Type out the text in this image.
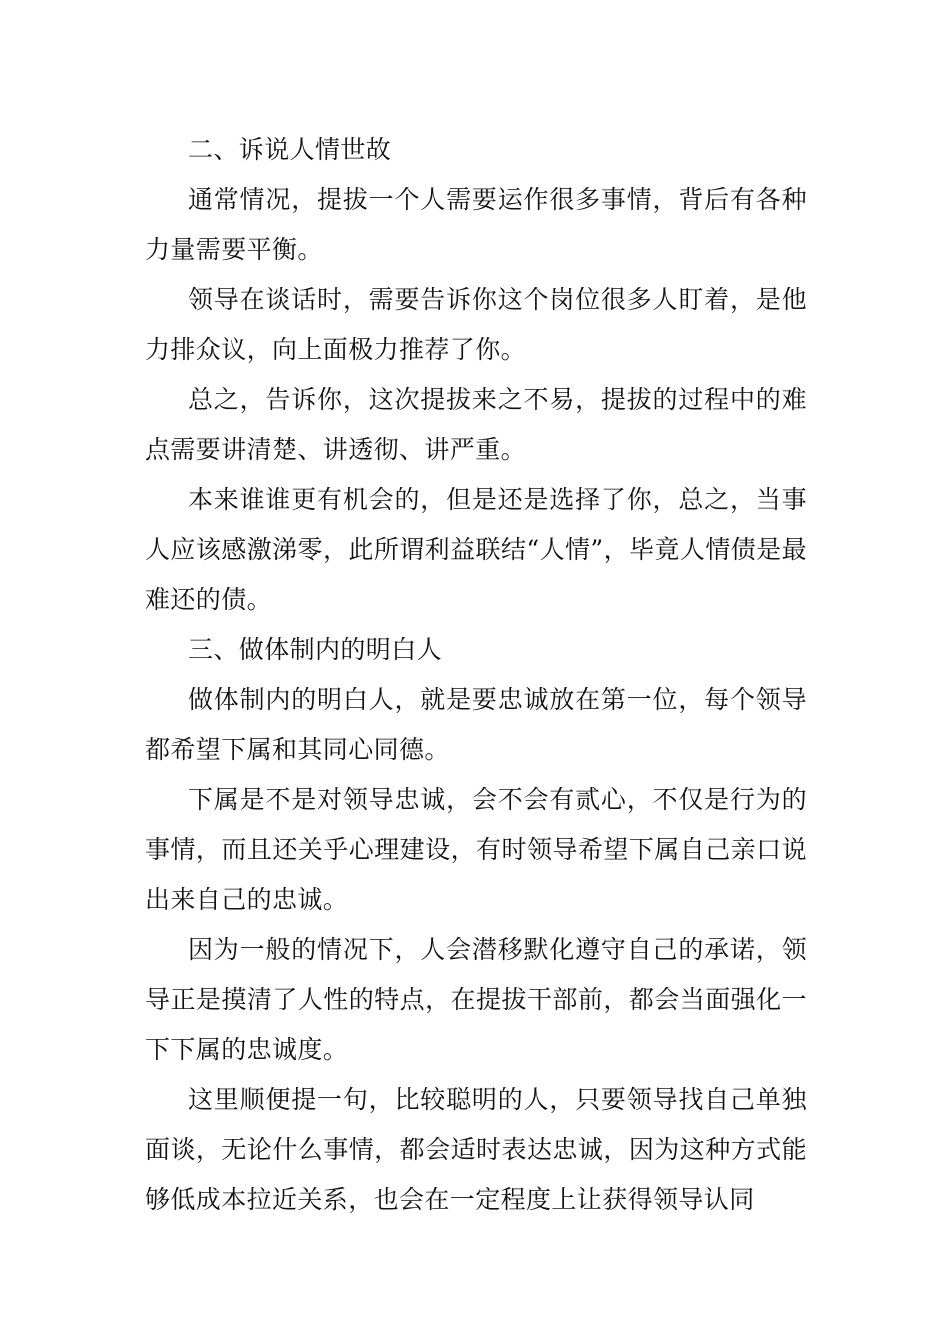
二、诉说人情世故

通常情况，提拔一个人需要运作很多事情，背后有各种力量需要平衡。

领导在谈话时，需要告诉你这个岗位很多人盯着，是他力排众议，向上面极力推荐了你。

总之，告诉你，这次提拔来之不易，提拔的过程中的难点需要讲清楚、讲透彻、讲严重。

本来谁谁更有机会的，但是还是选择了你，总之，当事人应该感激涕零，此所谓利益联结“人情”，毕竟人情债是最难还的债。

三、做体制内的明白人

做体制内的明白人，就是要忠诚放在第一位，每个领导都希望下属和其同心同德。

下属是不是对领导忠诚，会不会有贰心，不仅是行为的事情，而且还关乎心理建设，有时领导希望下属自己亲口说出来自己的忠诚。

因为一般的情况下，人会潜移默化遵守自己的承诺，领导正是摸清了人性的特点，在提拔干部前，都会当面强化一下下属的忠诚度。

这里顺便提一句，比较聪明的人，只要领导找自己单独面谈，无论什么事情，都会适时表达忠诚，因为这种方式能够低成本拉近关系，也会在一定程度上让获得领导认同
